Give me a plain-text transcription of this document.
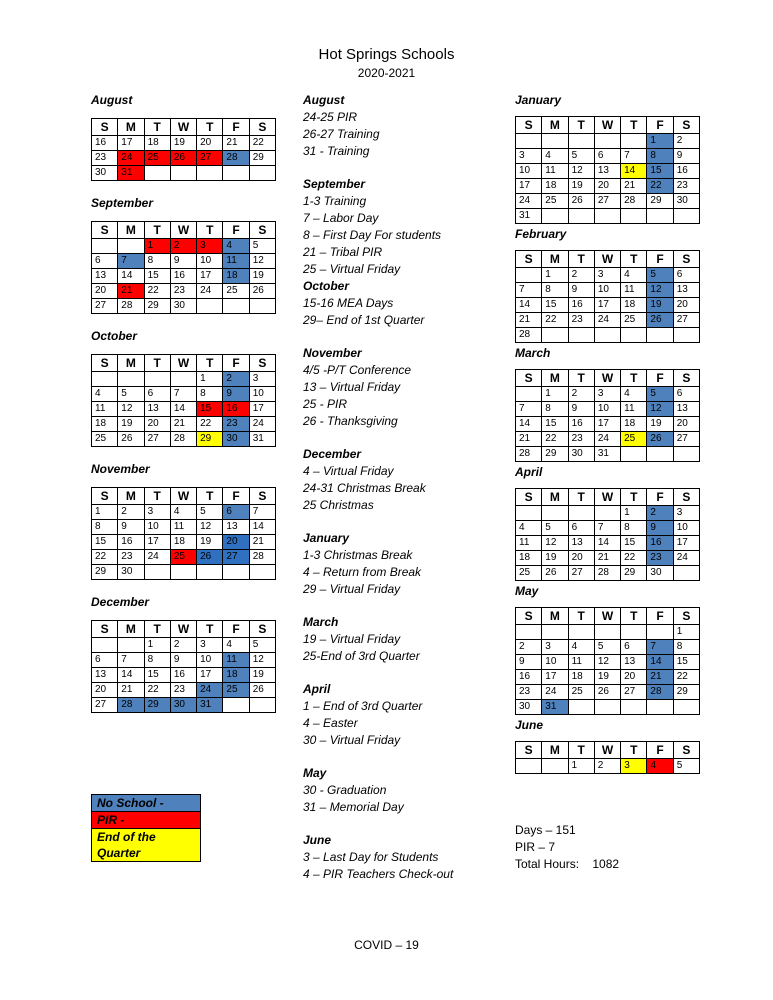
Hot Springs Schools
2020-2021
August
S	M	T	W	T	F	S
16	17	18	19	20	21	22
23	24	25	26	27	28	29
30	31					
September
S	M	T	W	T	F	S
		1	2	3	4	5
6	7	8	9	10	11	12
13	14	15	16	17	18	19
20	21	22	23	24	25	26
27	28	29	30			
October
S	M	T	W	T	F	S
				1	2	3
4	5	6	7	8	9	10
11	12	13	14	15	16	17
18	19	20	21	22	23	24
25	26	27	28	29	30	31
November
S	M	T	W	T	F	S
1	2	3	4	5	6	7
8	9	10	11	12	13	14
15	16	17	18	19	20	21
22	23	24	25	26	27	28
29	30					
December
S	M	T	W	T	F	S
		1	2	3	4	5
6	7	8	9	10	11	12
13	14	15	16	17	18	19
20	21	22	23	24	25	26
27	28	29	30	31		
August
24-25 PIR
26-27 Training
31 - Training
September
1-3 Training
7 – Labor Day
8 – First Day For students
21 – Tribal PIR
25 – Virtual Friday
October
15-16 MEA Days
29– End of 1st Quarter
November
4/5 -P/T Conference
13 – Virtual Friday
25 - PIR
26 - Thanksgiving
December
4 – Virtual Friday
24-31 Christmas Break
25 Christmas
January
1-3 Christmas Break
4 – Return from Break
29 – Virtual Friday
March
19 – Virtual Friday
25-End of 3rd Quarter
April
1 – End of 3rd Quarter
4 – Easter
30 – Virtual Friday
May
30 - Graduation
31 – Memorial Day
June
3 – Last Day for Students
4 – PIR Teachers Check-out
January
S	M	T	W	T	F	S
					1	2
3	4	5	6	7	8	9
10	11	12	13	14	15	16
17	18	19	20	21	22	23
24	25	26	27	28	29	30
31						
February
S	M	T	W	T	F	S
	1	2	3	4	5	6
7	8	9	10	11	12	13
14	15	16	17	18	19	20
21	22	23	24	25	26	27
28						
March
S	M	T	W	T	F	S
	1	2	3	4	5	6
7	8	9	10	11	12	13
14	15	16	17	18	19	20
21	22	23	24	25	26	27
28	29	30	31			
April
S	M	T	W	T	F	S
				1	2	3
4	5	6	7	8	9	10
11	12	13	14	15	16	17
18	19	20	21	22	23	24
25	26	27	28	29	30	
May
S	M	T	W	T	F	S
						1
2	3	4	5	6	7	8
9	10	11	12	13	14	15
16	17	18	19	20	21	22
23	24	25	26	27	28	29
30	31					
June
S	M	T	W	T	F	S
		1	2	3	4	5
No School -
PIR -
End of the
Quarter
Days – 151
PIR – 7
Total Hours: 1082
COVID – 19
